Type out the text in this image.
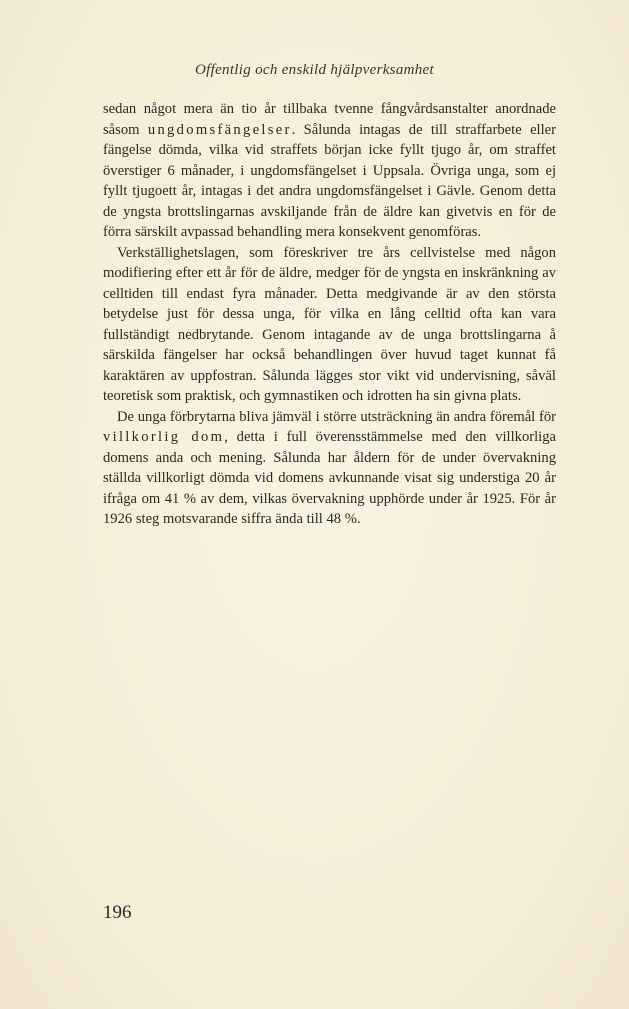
Offentlig och enskild hjälpverksamhet

sedan något mera än tio år tillbaka tvenne fångvårdsanstalter anordnade såsom ungdomsfängelser. Sålunda intagas de till straffarbete eller fängelse dömda, vilka vid straffets början icke fyllt tjugo år, om straffet överstiger 6 månader, i ungdomsfängelset i Uppsala. Övriga unga, som ej fyllt tjugoett år, intagas i det andra ungdomsfängelset i Gävle. Genom detta de yngsta brottslingarnas avskiljande från de äldre kan givetvis en för de förra särskilt avpassad behandling mera konsekvent genomföras.

Verkställighetslagen, som föreskriver tre års cellvistelse med någon modifiering efter ett år för de äldre, medger för de yngsta en inskränkning av celltiden till endast fyra månader. Detta medgivande är av den största betydelse just för dessa unga, för vilka en lång celltid ofta kan vara fullständigt nedbrytande. Genom intagande av de unga brottslingarna å särskilda fängelser har också behandlingen över huvud taget kunnat få karaktären av uppfostran. Sålunda lägges stor vikt vid undervisning, såväl teoretisk som praktisk, och gymnastiken och idrotten ha sin givna plats.

De unga förbrytarna bliva jämväl i större utsträckning än andra föremål för villkorlig dom, detta i full överensstämmelse med den villkorliga domens anda och mening. Sålunda har åldern för de under övervakning ställda villkorligt dömda vid domens avkunnande visat sig understiga 20 år ifråga om 41 % av dem, vilkas övervakning upphörde under år 1925. För år 1926 steg motsvarande siffra ända till 48 %.

196
